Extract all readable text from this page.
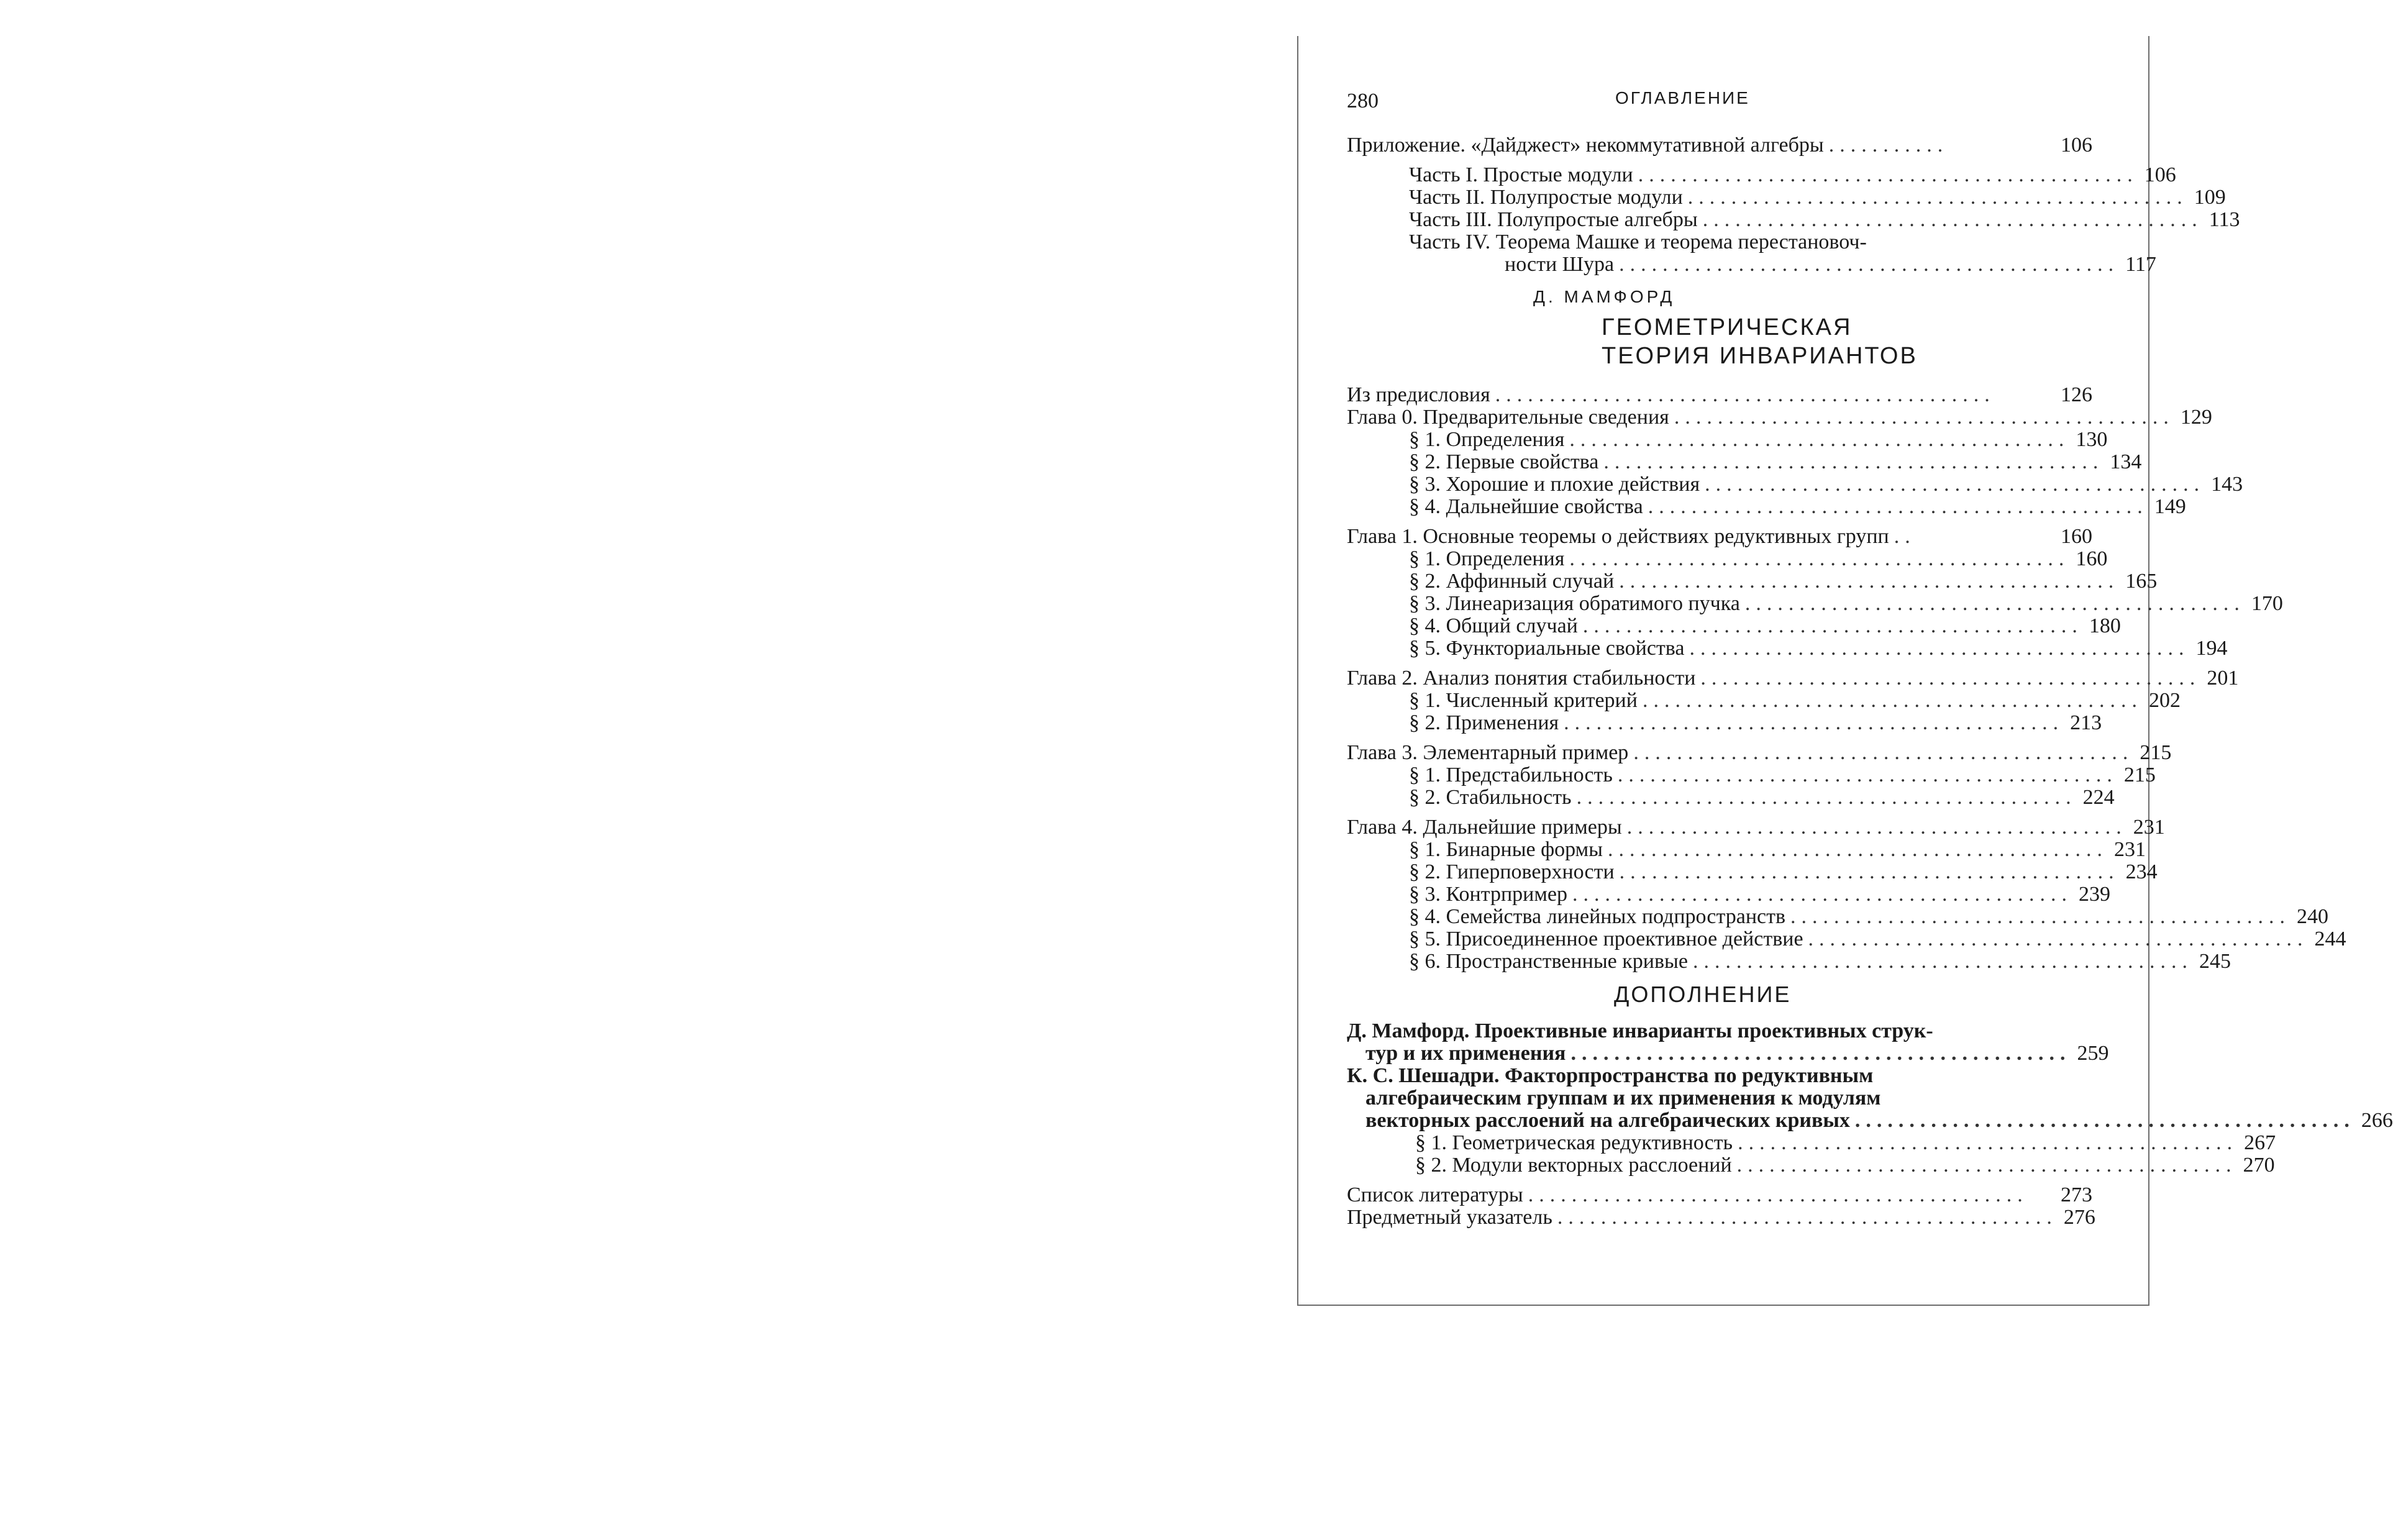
280	ОГЛАВЛЕНИЕ
Приложение. «Дайджест» некоммутативной алгебры ...........	106
Часть I. Простые модули .............................................. 106
Часть II. Полупростые модули .............................................. 109
Часть III. Полупростые алгебры .............................................. 113
Часть IV. Теорема Машке и теорема перестановоч-
ности Шура .............................................. 117
Д. МАМФОРД
ГЕОМЕТРИЧЕСКАЯ
ТЕОРИЯ ИНВАРИАНТОВ
Из предисловия ..............................................	126
Глава 0. Предварительные сведения .............................................. 129
§ 1. Определения .............................................. 130
§ 2. Первые свойства .............................................. 134
§ 3. Хорошие и плохие действия .............................................. 143
§ 4. Дальнейшие свойства .............................................. 149
Глава 1. Основные теоремы о действиях редуктивных групп ..	160
§ 1. Определения .............................................. 160
§ 2. Аффинный случай .............................................. 165
§ 3. Линеаризация обратимого пучка .............................................. 170
§ 4. Общий случай .............................................. 180
§ 5. Функториальные свойства .............................................. 194
Глава 2. Анализ понятия стабильности .............................................. 201
§ 1. Численный критерий .............................................. 202
§ 2. Применения .............................................. 213
Глава 3. Элементарный пример .............................................. 215
§ 1. Предстабильность .............................................. 215
§ 2. Стабильность .............................................. 224
Глава 4. Дальнейшие примеры .............................................. 231
§ 1. Бинарные формы .............................................. 231
§ 2. Гиперповерхности .............................................. 234
§ 3. Контрпример .............................................. 239
§ 4. Семейства линейных подпространств .............................................. 240
§ 5. Присоединенное проективное действие .............................................. 244
§ 6. Пространственные кривые .............................................. 245
ДОПОЛНЕНИЕ
Д. Мамфорд. Проективные инварианты проективных струк-
тур и их применения .............................................. 259
К. С. Шешадри. Факторпространства по редуктивным
алгебраическим группам и их применения к модулям
векторных расслоений на алгебраических кривых .............................................. 266
§ 1. Геометрическая редуктивность .............................................. 267
§ 2. Модули векторных расслоений .............................................. 270
Список литературы ..............................................	273
Предметный указатель .............................................. 276
